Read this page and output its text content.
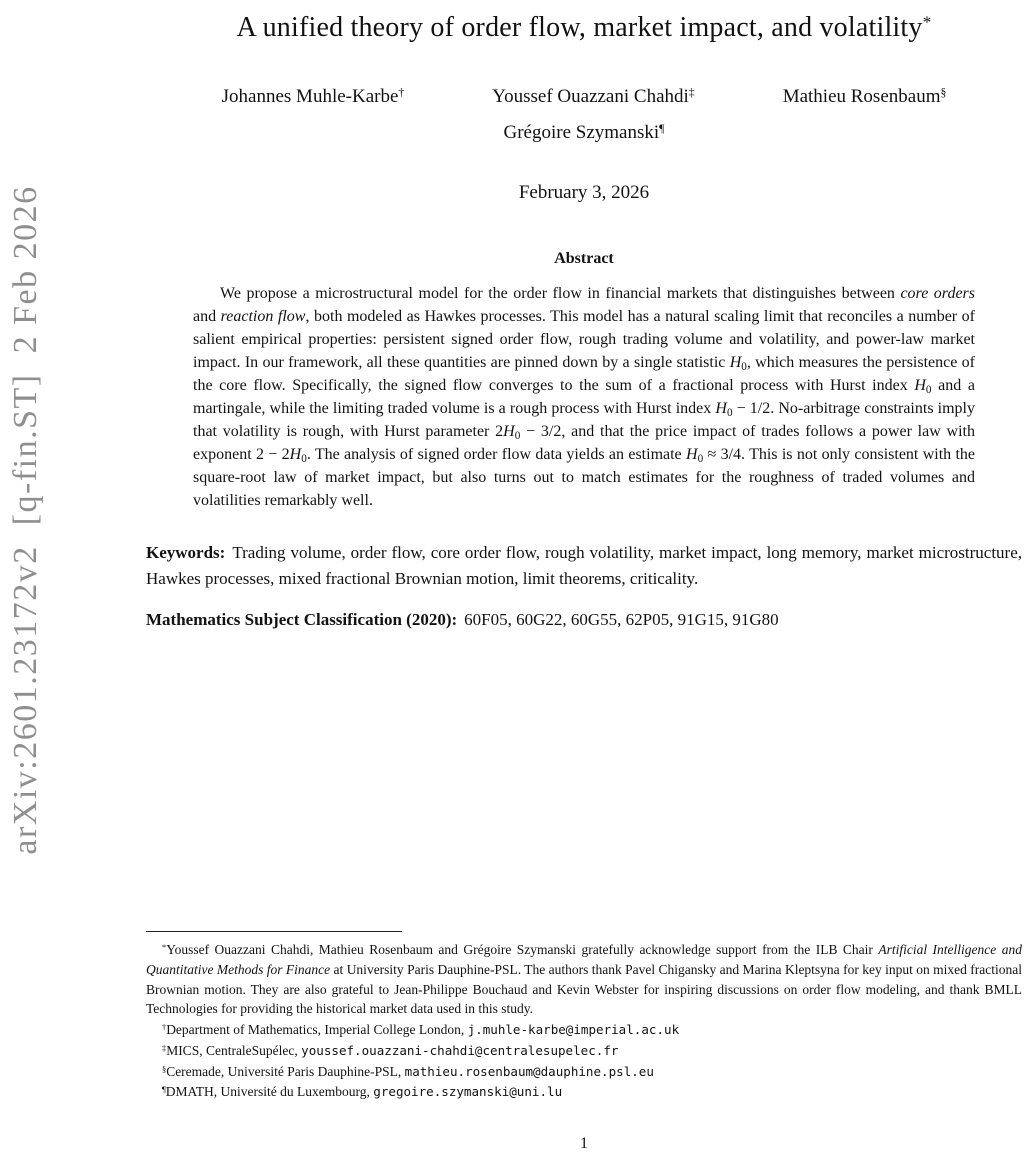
arXiv:2601.23172v2  [q-fin.ST]  2 Feb 2026
A unified theory of order flow, market impact, and volatility*
Johannes Muhle-Karbe†	Youssef Ouazzani Chahdi‡	Mathieu Rosenbaum§
Grégoire Szymanski¶
February 3, 2026
Abstract

We propose a microstructural model for the order flow in financial markets that distinguishes between core orders and reaction flow, both modeled as Hawkes processes. This model has a natural scaling limit that reconciles a number of salient empirical properties: persistent signed order flow, rough trading volume and volatility, and power-law market impact. In our framework, all these quantities are pinned down by a single statistic H0, which measures the persistence of the core flow. Specifically, the signed flow converges to the sum of a fractional process with Hurst index H0 and a martingale, while the limiting traded volume is a rough process with Hurst index H0 − 1/2. No-arbitrage constraints imply that volatility is rough, with Hurst parameter 2H0 − 3/2, and that the price impact of trades follows a power law with exponent 2 − 2H0. The analysis of signed order flow data yields an estimate H0 ≈ 3/4. This is not only consistent with the square-root law of market impact, but also turns out to match estimates for the roughness of traded volumes and volatilities remarkably well.

Keywords: Trading volume, order flow, core order flow, rough volatility, market impact, long memory, market microstructure, Hawkes processes, mixed fractional Brownian motion, limit theorems, criticality.

Mathematics Subject Classification (2020): 60F05, 60G22, 60G55, 62P05, 91G15, 91G80

*Youssef Ouazzani Chahdi, Mathieu Rosenbaum and Grégoire Szymanski gratefully acknowledge support from the ILB Chair Artificial Intelligence and Quantitative Methods for Finance at University Paris Dauphine-PSL. The authors thank Pavel Chigansky and Marina Kleptsyna for key input on mixed fractional Brownian motion. They are also grateful to Jean-Philippe Bouchaud and Kevin Webster for inspiring discussions on order flow modeling, and thank BMLL Technologies for providing the historical market data used in this study.

†Department of Mathematics, Imperial College London, j.muhle-karbe@imperial.ac.uk

‡MICS, CentraleSupélec, youssef.ouazzani-chahdi@centralesupelec.fr

§Ceremade, Université Paris Dauphine-PSL, mathieu.rosenbaum@dauphine.psl.eu

¶DMATH, Université du Luxembourg, gregoire.szymanski@uni.lu

1
